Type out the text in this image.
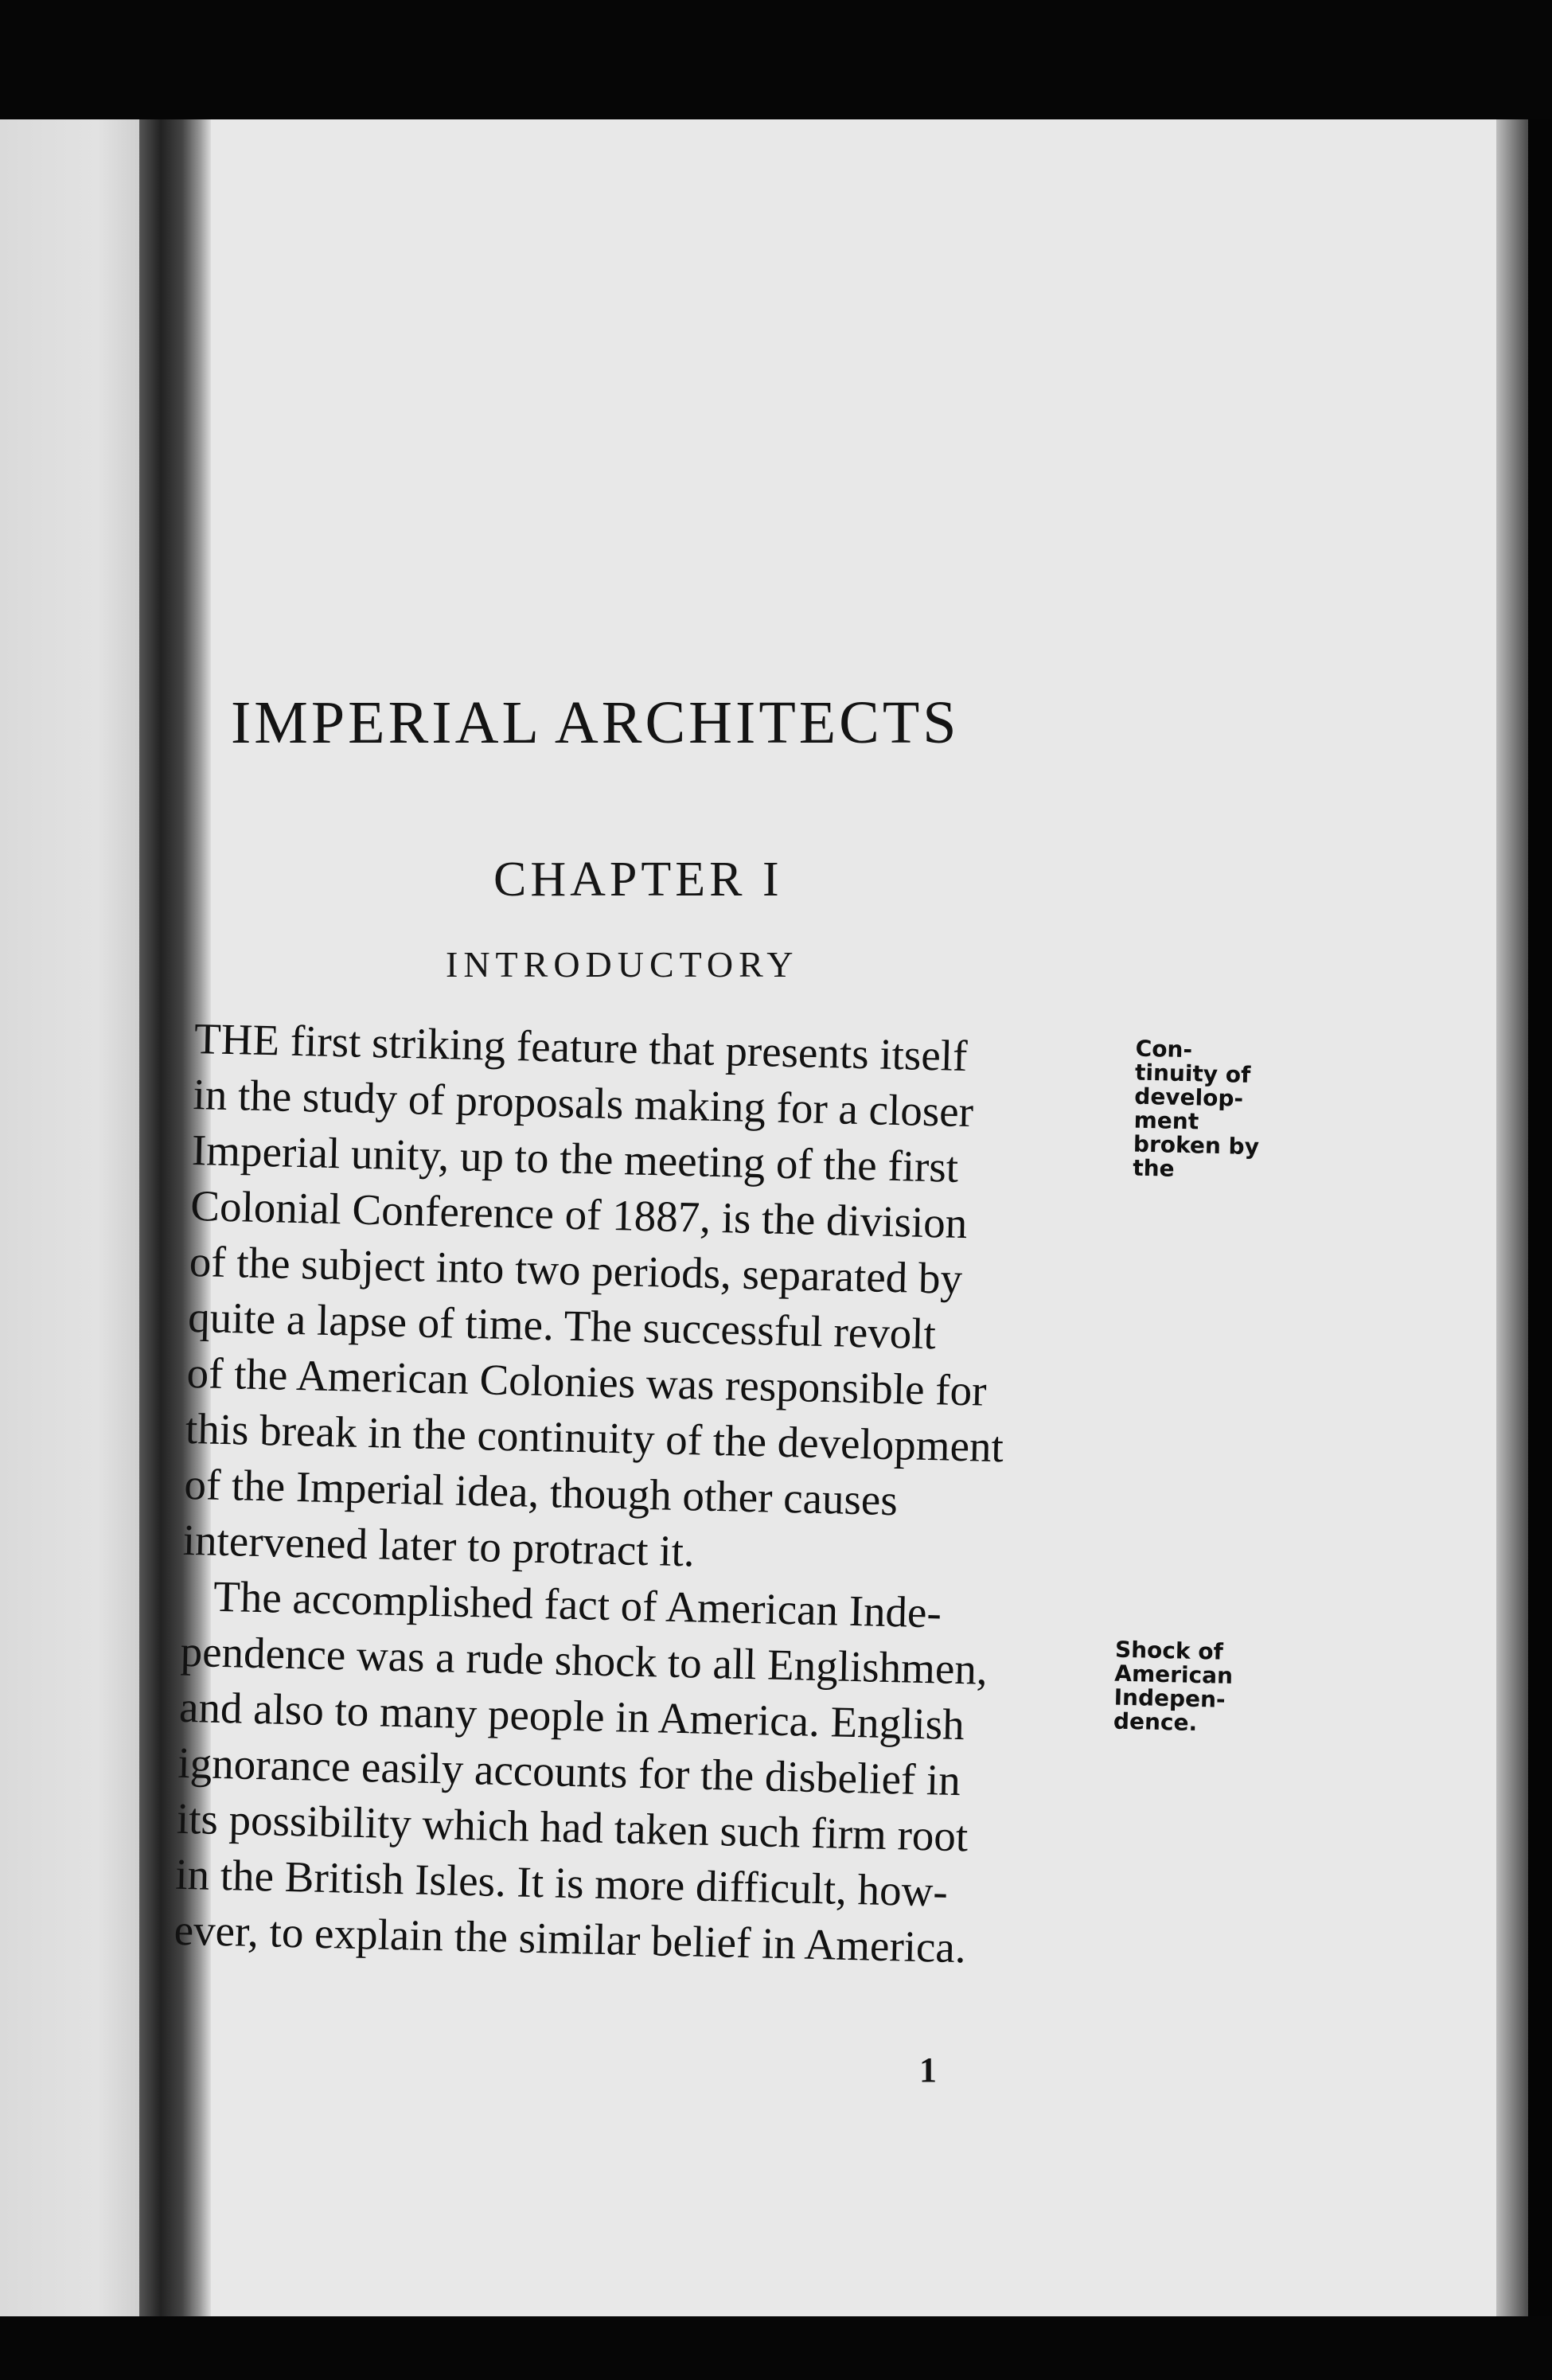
IMPERIAL ARCHITECTS
CHAPTER I
INTRODUCTORY
THE first striking feature that presents itself
in the study of proposals making for a closer
Imperial unity, up to the meeting of the first
Colonial Conference of 1887, is the division
of the subject into two periods, separated by
quite a lapse of time. The successful revolt
of the American Colonies was responsible for
this break in the continuity of the development
of the Imperial idea, though other causes
intervened later to protract it.
The accomplished fact of American Inde-
pendence was a rude shock to all Englishmen,
and also to many people in America. English
ignorance easily accounts for the disbelief in
its possibility which had taken such firm root
in the British Isles. It is more difficult, how-
ever, to explain the similar belief in America.
Con-
tinuity of
develop-
ment
broken by
the
Shock of
American
Indepen-
dence.
1
